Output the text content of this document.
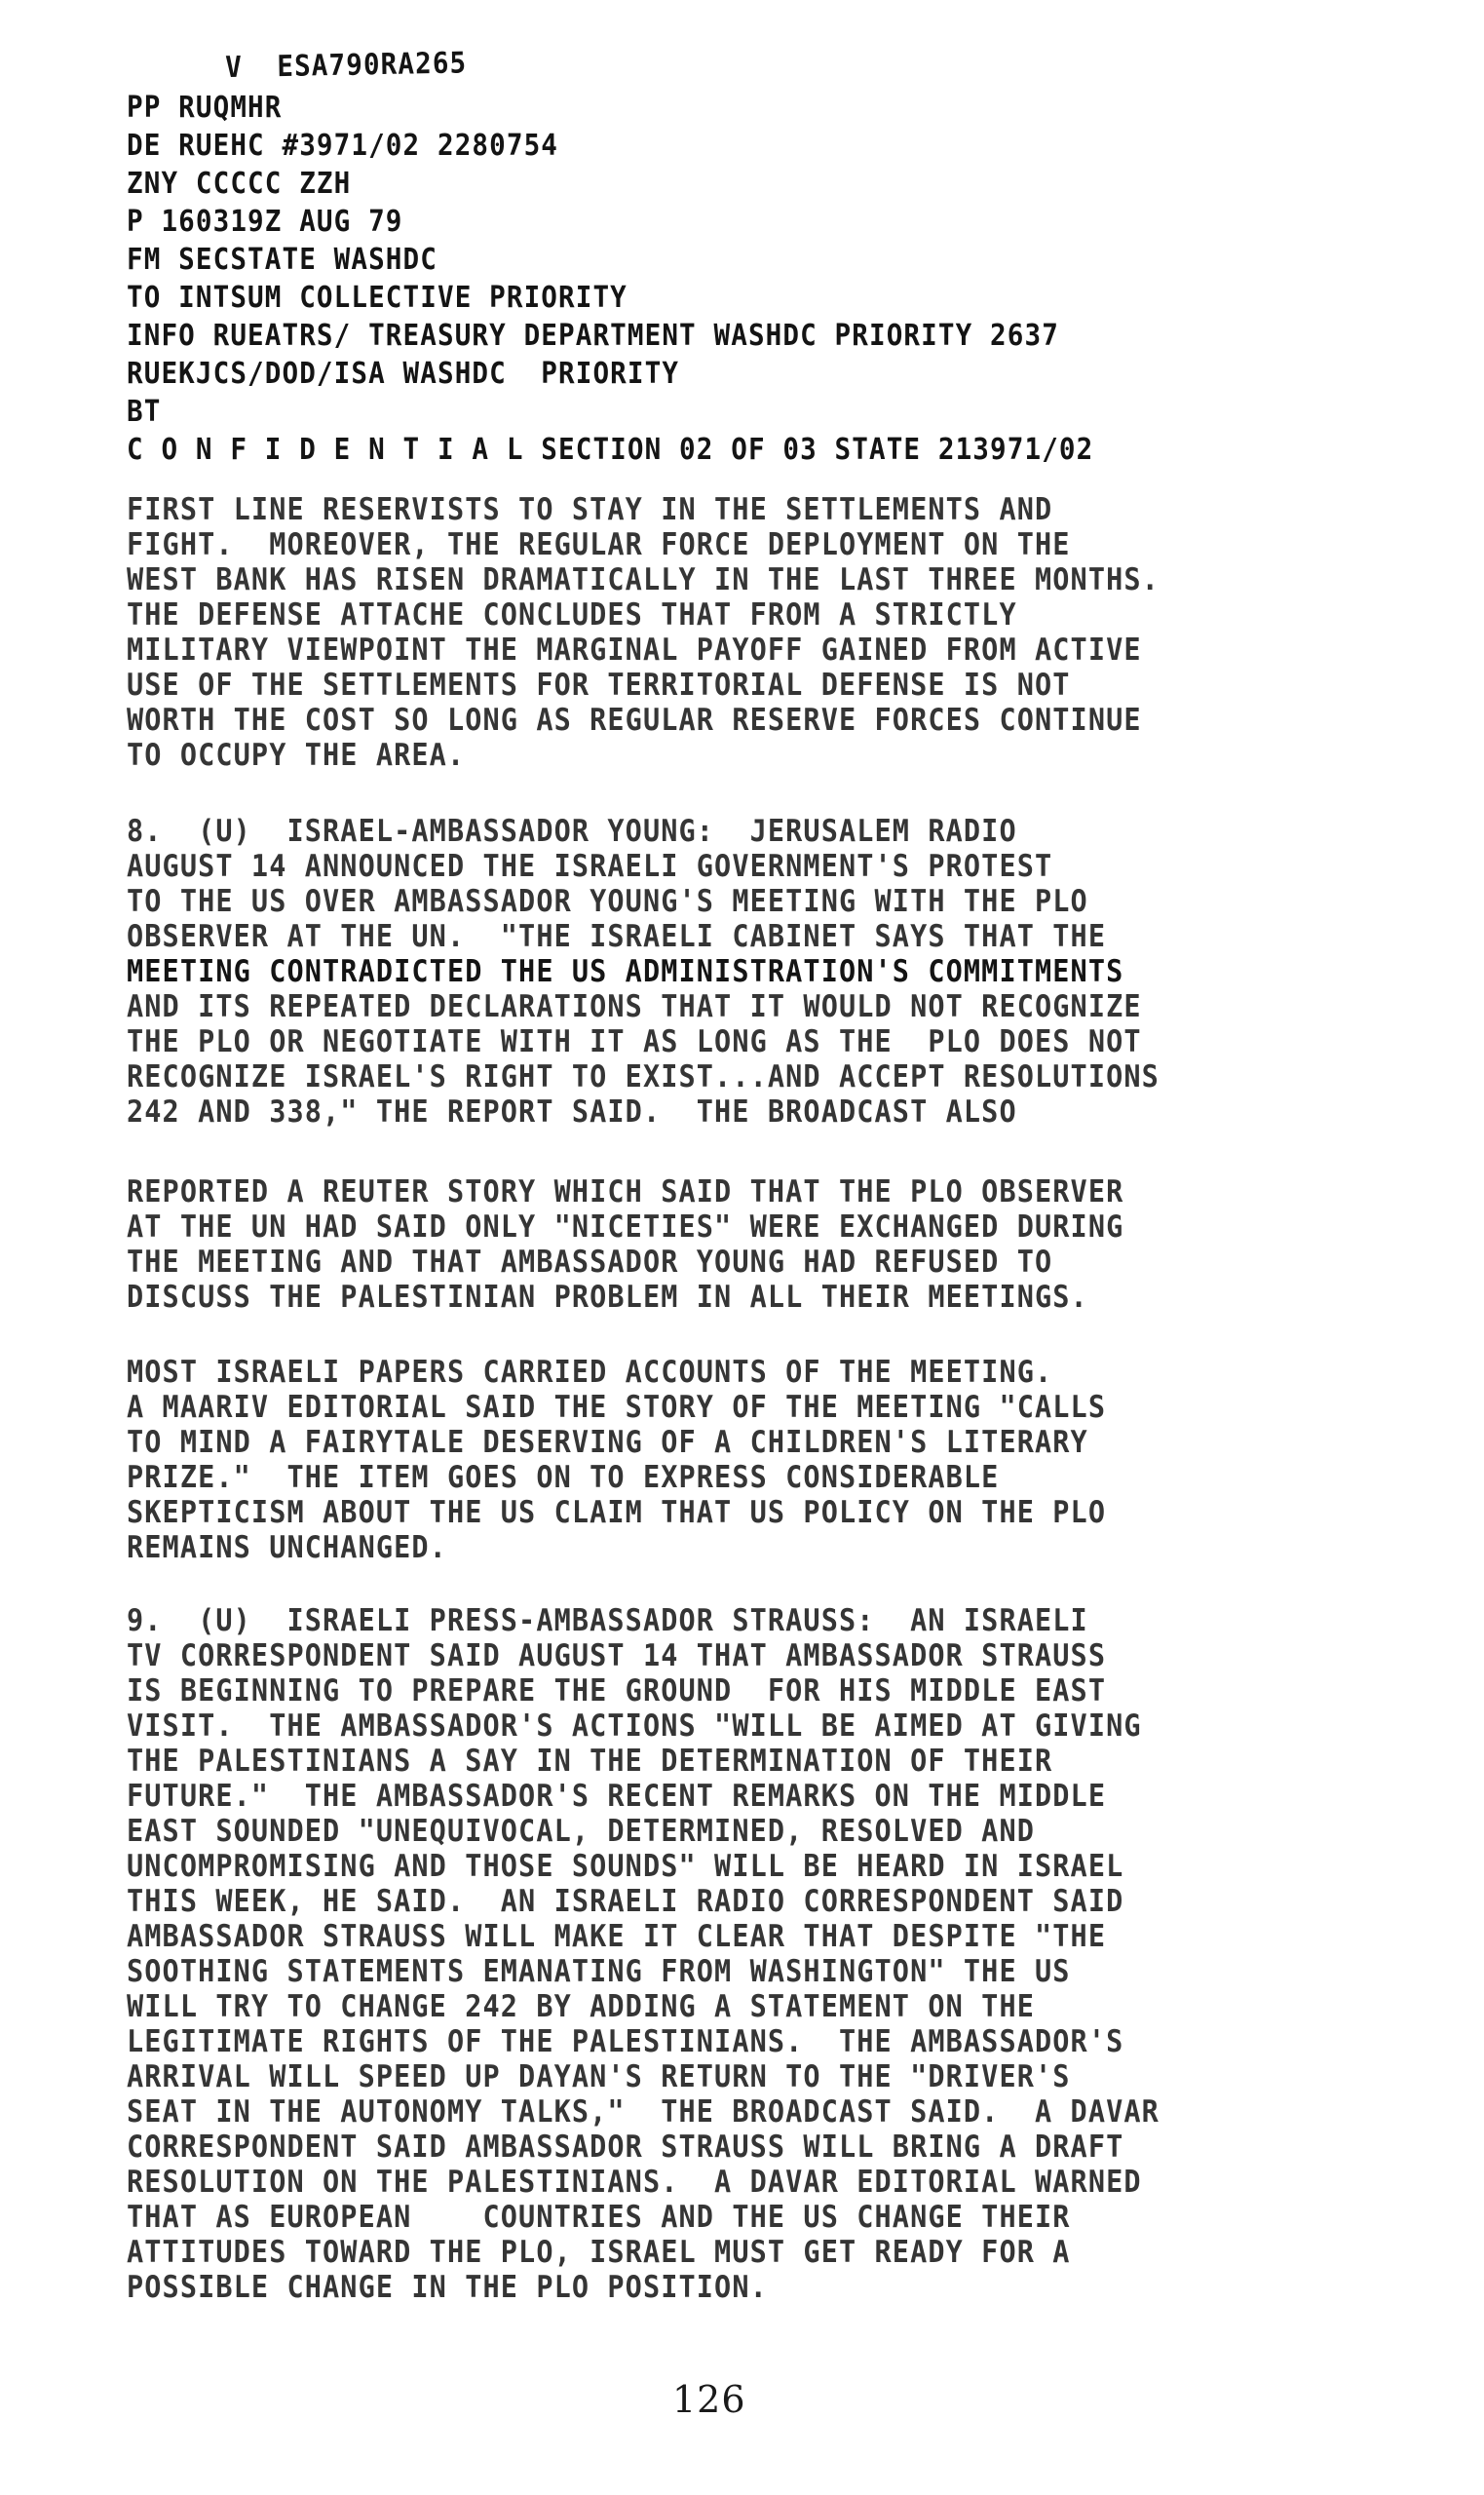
V  ESA790RA265
PP RUQMHR
DE RUEHC #3971/02 2280754
ZNY CCCCC ZZH
P 160319Z AUG 79
FM SECSTATE WASHDC
TO INTSUM COLLECTIVE PRIORITY
INFO RUEATRS/ TREASURY DEPARTMENT WASHDC PRIORITY 2637
RUEKJCS/DOD/ISA WASHDC  PRIORITY
BT
C O N F I D E N T I A L SECTION 02 OF 03 STATE 213971/02
FIRST LINE RESERVISTS TO STAY IN THE SETTLEMENTS AND
FIGHT.  MOREOVER, THE REGULAR FORCE DEPLOYMENT ON THE
WEST BANK HAS RISEN DRAMATICALLY IN THE LAST THREE MONTHS.
THE DEFENSE ATTACHE CONCLUDES THAT FROM A STRICTLY
MILITARY VIEWPOINT THE MARGINAL PAYOFF GAINED FROM ACTIVE
USE OF THE SETTLEMENTS FOR TERRITORIAL DEFENSE IS NOT
WORTH THE COST SO LONG AS REGULAR RESERVE FORCES CONTINUE
TO OCCUPY THE AREA.
8.  (U)  ISRAEL-AMBASSADOR YOUNG:  JERUSALEM RADIO
AUGUST 14 ANNOUNCED THE ISRAELI GOVERNMENT'S PROTEST
TO THE US OVER AMBASSADOR YOUNG'S MEETING WITH THE PLO
OBSERVER AT THE UN.  "THE ISRAELI CABINET SAYS THAT THE
MEETING CONTRADICTED THE US ADMINISTRATION'S COMMITMENTS
AND ITS REPEATED DECLARATIONS THAT IT WOULD NOT RECOGNIZE
THE PLO OR NEGOTIATE WITH IT AS LONG AS THE  PLO DOES NOT
RECOGNIZE ISRAEL'S RIGHT TO EXIST...AND ACCEPT RESOLUTIONS
242 AND 338," THE REPORT SAID.  THE BROADCAST ALSO
REPORTED A REUTER STORY WHICH SAID THAT THE PLO OBSERVER
AT THE UN HAD SAID ONLY "NICETIES" WERE EXCHANGED DURING
THE MEETING AND THAT AMBASSADOR YOUNG HAD REFUSED TO
DISCUSS THE PALESTINIAN PROBLEM IN ALL THEIR MEETINGS.
MOST ISRAELI PAPERS CARRIED ACCOUNTS OF THE MEETING.
A MAARIV EDITORIAL SAID THE STORY OF THE MEETING "CALLS
TO MIND A FAIRYTALE DESERVING OF A CHILDREN'S LITERARY
PRIZE."  THE ITEM GOES ON TO EXPRESS CONSIDERABLE
SKEPTICISM ABOUT THE US CLAIM THAT US POLICY ON THE PLO
REMAINS UNCHANGED.
9.  (U)  ISRAELI PRESS-AMBASSADOR STRAUSS:  AN ISRAELI
TV CORRESPONDENT SAID AUGUST 14 THAT AMBASSADOR STRAUSS
IS BEGINNING TO PREPARE THE GROUND  FOR HIS MIDDLE EAST
VISIT.  THE AMBASSADOR'S ACTIONS "WILL BE AIMED AT GIVING
THE PALESTINIANS A SAY IN THE DETERMINATION OF THEIR
FUTURE."  THE AMBASSADOR'S RECENT REMARKS ON THE MIDDLE
EAST SOUNDED "UNEQUIVOCAL, DETERMINED, RESOLVED AND
UNCOMPROMISING AND THOSE SOUNDS" WILL BE HEARD IN ISRAEL
THIS WEEK, HE SAID.  AN ISRAELI RADIO CORRESPONDENT SAID
AMBASSADOR STRAUSS WILL MAKE IT CLEAR THAT DESPITE "THE
SOOTHING STATEMENTS EMANATING FROM WASHINGTON" THE US
WILL TRY TO CHANGE 242 BY ADDING A STATEMENT ON THE
LEGITIMATE RIGHTS OF THE PALESTINIANS.  THE AMBASSADOR'S
ARRIVAL WILL SPEED UP DAYAN'S RETURN TO THE "DRIVER'S
SEAT IN THE AUTONOMY TALKS,"  THE BROADCAST SAID.  A DAVAR
CORRESPONDENT SAID AMBASSADOR STRAUSS WILL BRING A DRAFT
RESOLUTION ON THE PALESTINIANS.  A DAVAR EDITORIAL WARNED
THAT AS EUROPEAN    COUNTRIES AND THE US CHANGE THEIR
ATTITUDES TOWARD THE PLO, ISRAEL MUST GET READY FOR A
POSSIBLE CHANGE IN THE PLO POSITION.
126
